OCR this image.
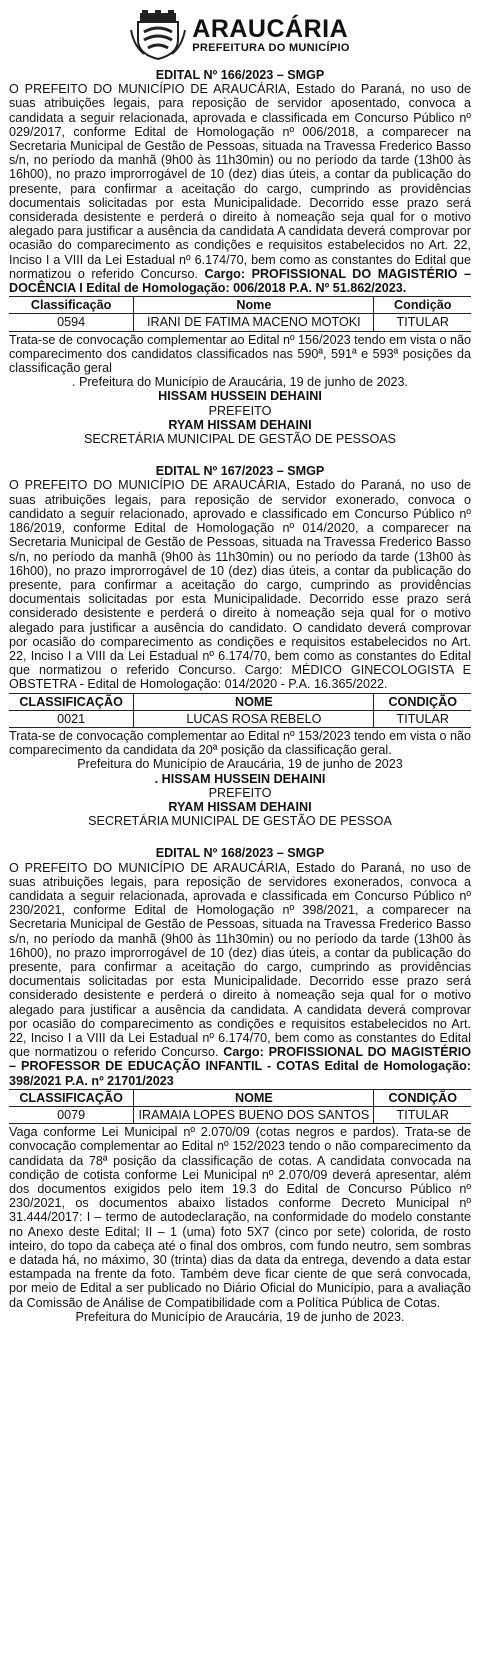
ARAUCÁRIA
PREFEITURA DO MUNICÍPIO
EDITAL Nº 166/2023 – SMGP

O PREFEITO DO MUNICÍPIO DE ARAUCÁRIA, Estado do Paraná, no uso de suas atribuições legais, para reposição de servidor aposentado, convoca a candidata a seguir relacionada, aprovada e classificada em Concurso Público nº 029/2017, conforme Edital de Homologação nº 006/2018, a comparecer na Secretaria Municipal de Gestão de Pessoas, situada na Travessa Frederico Basso s/n, no período da manhã (9h00 às 11h30min) ou no período da tarde (13h00 às 16h00), no prazo improrrogável de 10 (dez) dias úteis, a contar da publicação do presente, para confirmar a aceitação do cargo, cumprindo as providências documentais solicitadas por esta Municipalidade. Decorrido esse prazo será considerada desistente e perderá o direito à nomeação seja qual for o motivo alegado para justificar a ausência da candidata A candidata deverá comprovar por ocasião do comparecimento as condições e requisitos estabelecidos no Art. 22, Inciso I a VIII da Lei Estadual nº 6.174/70, bem como as constantes do Edital que normatizou o referido Concurso. Cargo: PROFISSIONAL DO MAGISTÉRIO – DOCÊNCIA I Edital de Homologação: 006/2018 P.A. Nº 51.862/2023.

Classificação	Nome	Condição
0594	IRANI DE FATIMA MACENO MOTOKI	TITULAR

Trata-se de convocação complementar ao Edital nº 156/2023 tendo em vista o não comparecimento dos candidatos classificados nas 590ª, 591ª e 593ª posições da classificação geral

. Prefeitura do Município de Araucária, 19 de junho de 2023.
HISSAM HUSSEIN DEHAINI
PREFEITO
RYAM HISSAM DEHAINI
SECRETÁRIA MUNICIPAL DE GESTÃO DE PESSOAS
EDITAL Nº 167/2023 – SMGP

O PREFEITO DO MUNICÍPIO DE ARAUCÁRIA, Estado do Paraná, no uso de suas atribuições legais, para reposição de servidor exonerado, convoca o candidato a seguir relacionado, aprovado e classificado em Concurso Público nº 186/2019, conforme Edital de Homologação nº 014/2020, a comparecer na Secretaria Municipal de Gestão de Pessoas, situada na Travessa Frederico Basso s/n, no período da manhã (9h00 às 11h30min) ou no período da tarde (13h00 às 16h00), no prazo improrrogável de 10 (dez) dias úteis, a contar da publicação do presente, para confirmar a aceitação do cargo, cumprindo as providências documentais solicitadas por esta Municipalidade. Decorrido esse prazo será considerado desistente e perderá o direito à nomeação seja qual for o motivo alegado para justificar a ausência do candidato. O candidato deverá comprovar por ocasião do comparecimento as condições e requisitos estabelecidos no Art. 22, Inciso I a VIII da Lei Estadual nº 6.174/70, bem como as constantes do Edital que normatizou o referido Concurso. Cargo: MÉDICO GINECOLOGISTA E OBSTETRA - Edital de Homologação: 014/2020 - P.A. 16.365/2022.

CLASSIFICAÇÃO	NOME	CONDIÇÃO
0021	LUCAS ROSA REBELO	TITULAR

Trata-se de convocação complementar ao Edital nº 153/2023 tendo em vista o não comparecimento da candidata da 20ª posição da classificação geral.

Prefeitura do Município de Araucária, 19 de junho de 2023
. HISSAM HUSSEIN DEHAINI
PREFEITO
RYAM HISSAM DEHAINI
SECRETÁRIA MUNICIPAL DE GESTÃO DE PESSOA
EDITAL Nº 168/2023 – SMGP

O PREFEITO DO MUNICÍPIO DE ARAUCÁRIA, Estado do Paraná, no uso de suas atribuições legais, para reposição de servidores exonerados, convoca a candidata a seguir relacionada, aprovada e classificada em Concurso Público nº 230/2021, conforme Edital de Homologação nº 398/2021, a comparecer na Secretaria Municipal de Gestão de Pessoas, situada na Travessa Frederico Basso s/n, no período da manhã (9h00 às 11h30min) ou no período da tarde (13h00 às 16h00), no prazo improrrogável de 10 (dez) dias úteis, a contar da publicação do presente, para confirmar a aceitação do cargo, cumprindo as providências documentais solicitadas por esta Municipalidade. Decorrido esse prazo será considerado desistente e perderá o direito à nomeação seja qual for o motivo alegado para justificar a ausência da candidata. A candidata deverá comprovar por ocasião do comparecimento as condições e requisitos estabelecidos no Art. 22, Inciso I a VIII da Lei Estadual nº 6.174/70, bem como as constantes do Edital que normatizou o referido Concurso. Cargo: PROFISSIONAL DO MAGISTÉRIO – PROFESSOR DE EDUCAÇÃO INFANTIL - COTAS Edital de Homologação: 398/2021 P.A. nº 21701/2023

CLASSIFICAÇÃO	NOME	CONDIÇÃO
0079	IRAMAIA LOPES BUENO DOS SANTOS	TITULAR

Vaga conforme Lei Municipal nº 2.070/09 (cotas negros e pardos). Trata-se de convocação complementar ao Edital nº 152/2023 tendo o não comparecimento da candidata da 78ª posição da classificação de cotas. A candidata convocada na condição de cotista conforme Lei Municipal nº 2.070/09 deverá apresentar, além dos documentos exigidos pelo item 19.3 do Edital de Concurso Público nº 230/2021, os documentos abaixo listados conforme Decreto Municipal nº 31.444/2017: I – termo de autodeclaração, na conformidade do modelo constante no Anexo deste Edital; II – 1 (uma) foto 5X7 (cinco por sete) colorida, de rosto inteiro, do topo da cabeça até o final dos ombros, com fundo neutro, sem sombras e datada há, no máximo, 30 (trinta) dias da data da entrega, devendo a data estar estampada na frente da foto. Também deve ficar ciente de que será convocada, por meio de Edital a ser publicado no Diário Oficial do Município, para a avaliação da Comissão de Análise de Compatibilidade com a Política Pública de Cotas.

Prefeitura do Município de Araucária, 19 de junho de 2023.
